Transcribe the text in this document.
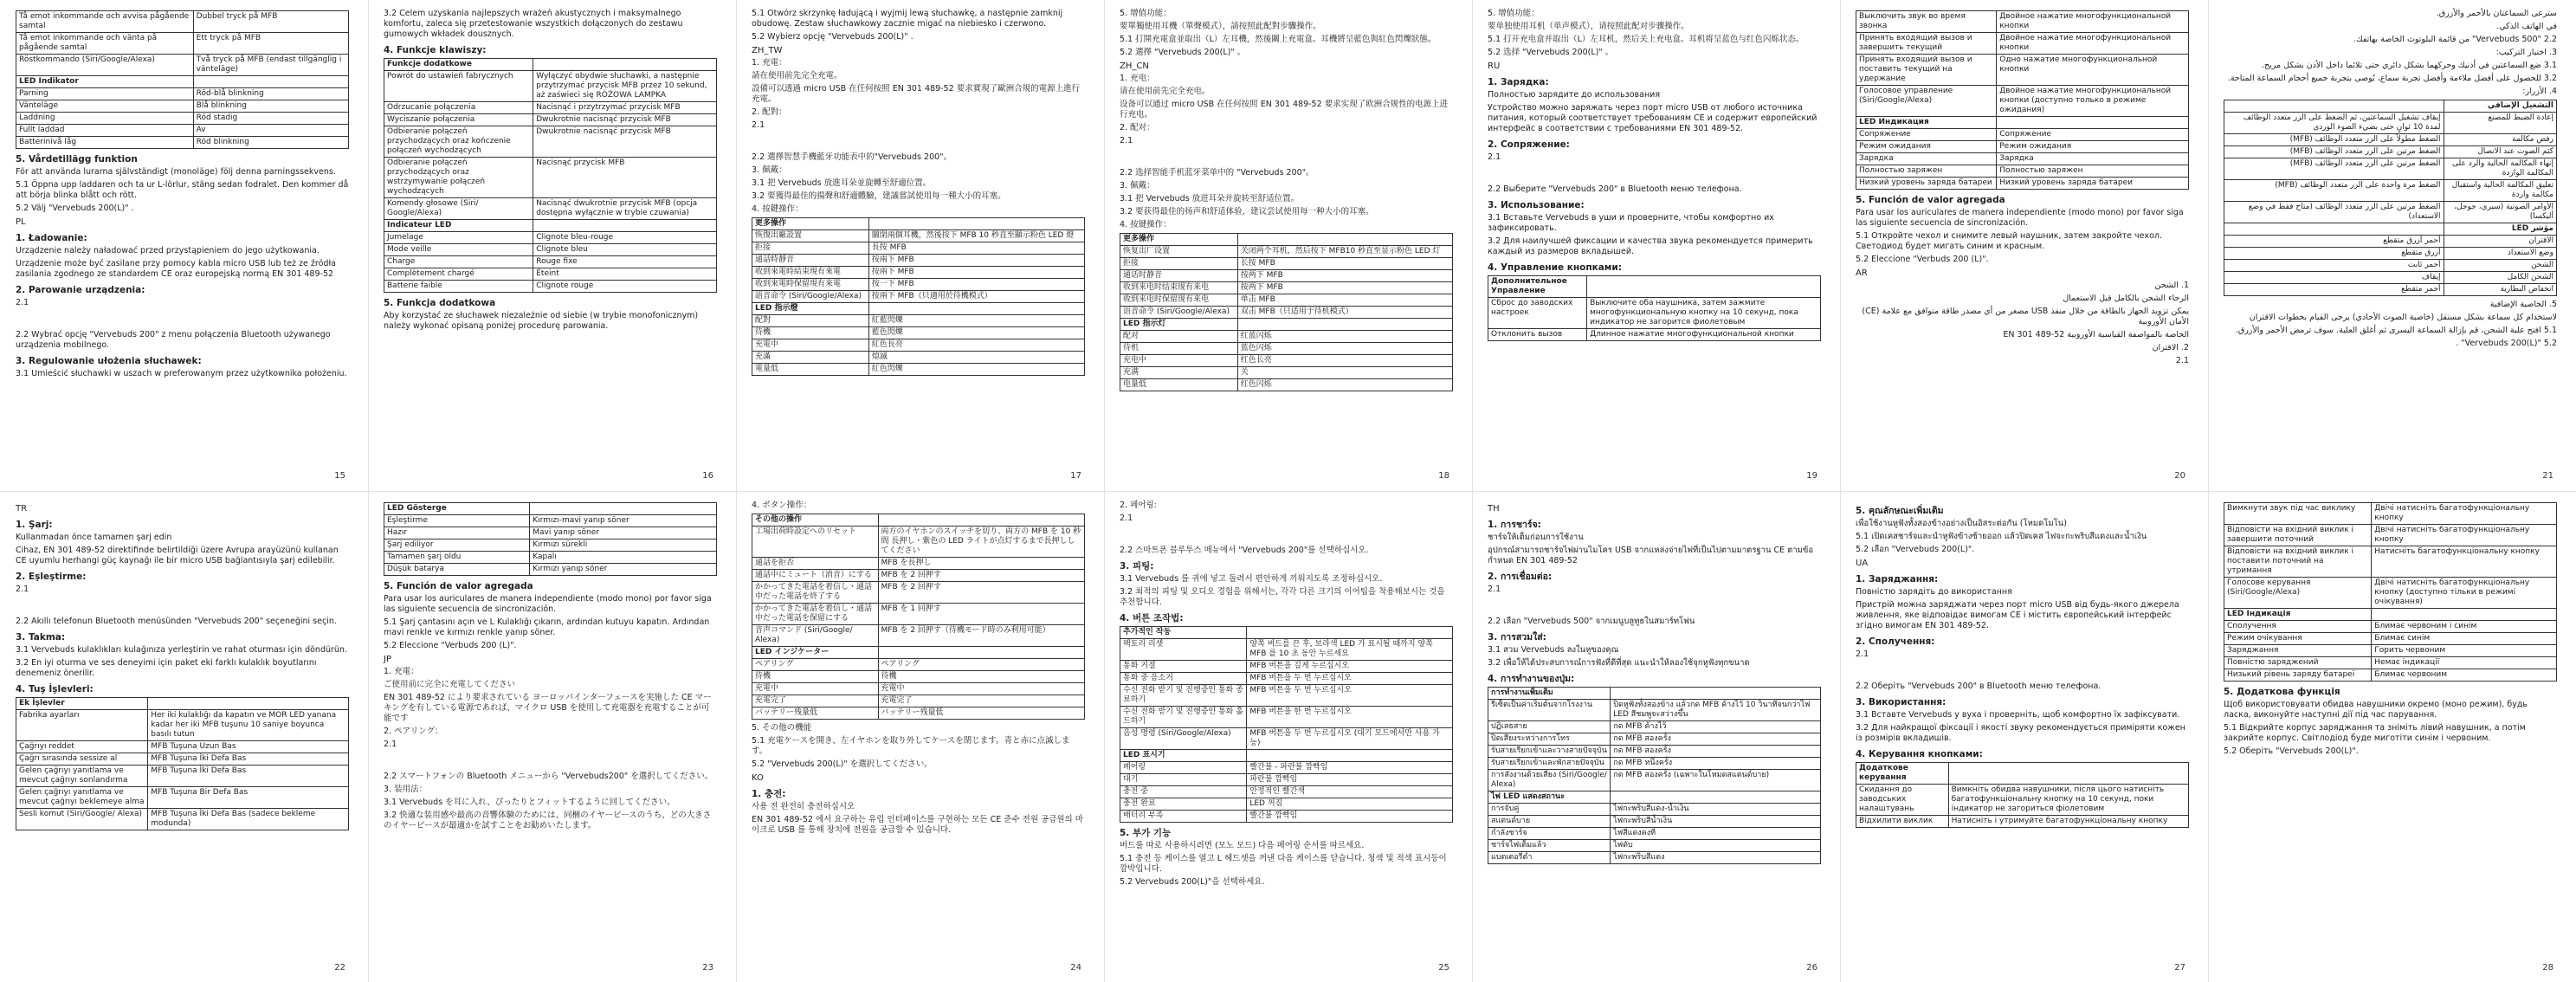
Tå emot inkommande och avvisa pågående samtal	Dubbel tryck på MFB
Tå emot inkommande och vänta på pågående samtal	Ett tryck på MFB
Röstkommando (Siri/Google/Alexa)	Två tryck på MFB (endast tillgänglig i vänteläge)
LED Indikator	
Parning	Röd-blå blinkning
Vänteläge	Blå blinkning
Laddning	Röd stadig
Fullt laddad	Av
Batterinivå låg	Röd blinkning
5. Vårdetillägg funktion

För att använda lurarna självständigt (monoläge) följ denna parningssekvens.

5.1 Öppna upp laddaren och ta ur L-lörlur, stäng sedan fodralet. Den kommer då att börja blinka blått och rött.

5.2 Välj "Vervebuds 200(L)" .

PL

1. Ładowanie:

Urządzenie należy naładować przed przystąpieniem do jego użytkowania.

Urządzenie może być zasilane przy pomocy kabla micro USB lub też ze źródła zasilania zgodnego ze standardem CE oraz europejską normą EN 301 489-52

2. Parowanie urządzenia:

2.1

2.2 Wybrać opcję "Vervebuds 200" z menu połączenia Bluetooth używanego urządzenia mobilnego.

3. Regulowanie ułożenia słuchawek:

3.1 Umieścić słuchawki w uszach w preferowanym przez użytkownika położeniu.

15

3.2 Celem uzyskania najlepszych wrażeń akustycznych i maksymalnego komfortu, zaleca się przetestowanie wszystkich dołączonych do zestawu gumowych wkładek dousznych.

4. Funkcje klawiszy:
Funkcje dodatkowe	
Powrót do ustawień fabrycznych	Wyłączyć obydwie słuchawki, a następnie przytrzymać przycisk MFB przez 10 sekund, aż zaświeci się RÓŻOWA LAMPKA
Odrzucanie połączenia	Nacisnąć i przytrzymać przycisk MFB
Wyciszanie połączenia	Dwukrotnie nacisnąć przycisk MFB
Odbieranie połączeń przychodzących oraz kończenie połączeń wychodzących	Dwukrotnie nacisnąć przycisk MFB
Odbieranie połączeń przychodzących oraz wstrzymywanie połączeń wychodzących	Nacisnąć przycisk MFB
Komendy głosowe (Siri/ Google/Alexa)	Nacisnąć dwukrotnie przycisk MFB (opcja dostępna wyłącznie w trybie czuwania)
Indicateur LED	
Jumelage	Clignote bleu-rouge
Mode veille	Clignote bleu
Charge	Rouge fixe
Complètement chargé	Éteint
Batterie faible	Clignote rouge
5. Funkcja dodatkowa

Aby korzystać ze słuchawek niezależnie od siebie (w trybie monofonicznym) należy wykonać opisaną poniżej procedurę parowania.

16

5.1 Otwórz skrzynkę ładującą i wyjmij lewą słuchawkę, a następnie zamknij obudowę. Zestaw słuchawkowy zacznie migać na niebiesko i czerwono.

5.2 Wybierz opcję "Vervebuds 200(L)" .

ZH_TW

1. 充電：

請在使用前先完全充電。

設備可以透過 micro USB 在任何按照 EN 301 489-52 要求實現了歐洲合規的電源上進行充電。

2. 配對：

2.1

2.2 選擇智慧手機藍牙功能表中的"Vervebuds 200"。

3. 佩戴：

3.1 把 Vervebuds 放進耳朵並旋轉至舒適位置。

3.2 要獲得最佳的揚聲和舒適體驗，建議嘗試使用每一種大小的耳塞。

4. 按鍵操作：

更多操作	
恢復出廠設置	關閉兩個耳機，然後按下 MFB 10 秒直至顯示粉色 LED 燈
拒接	長按 MFB
通話時靜音	按兩下 MFB
收到來電時結束現有來電	按兩下 MFB
收到來電時保留現有來電	按一下 MFB
語音命令 (Siri/Google/Alexa)	按兩下 MFB（只適用於待機模式）
LED 指示燈	
配對	紅藍閃爍
待機	藍色閃爍
充電中	紅色長亮
充滿	熄滅
電量低	紅色閃爍
17

5. 增值功能：

要單獨使用耳機（單聲模式），請按照此配對步驟操作。

5.1 打開充電盒並取出（L）左耳機，然後關上充電盒。耳機將呈藍色與紅色閃爍狀態。

5.2 選擇 "Vervebuds 200(L)" 。

ZH_CN

1. 充电：

请在使用前先完全充电。

设备可以通过 micro USB 在任何按照 EN 301 489-52 要求实现了欧洲合规性的电源上进行充电。

2. 配对：

2.1

2.2 选择智能手机蓝牙菜单中的 "Vervebuds 200"。

3. 佩戴：

3.1 把 Vervebuds 放进耳朵并旋转至舒适位置。

3.2 要获得最佳的扬声和舒适体验，建议尝试使用每一种大小的耳塞。

4. 按键操作：

更多操作	
恢复出厂设置	关闭两个耳机，然后按下 MFB10 秒直至显示粉色 LED 灯
拒接	长按 MFB
通话时静音	按两下 MFB
收到来电时结束现有来电	按两下 MFB
收到来电时保留现有来电	单击 MFB
语音命令 (Siri/Google/Alexa)	双击 MFB（只适用于待机模式）
LED 指示灯	
配对	红蓝闪烁
待机	蓝色闪烁
充电中	红色长亮
充满	关
电量低	红色闪烁
18

5. 增值功能：

要单独使用耳机（单声模式），请按照此配对步骤操作。

5.1 打开充电盒并取出（L）左耳机，然后关上充电盒。耳机将呈蓝色与红色闪烁状态。

5.2 选择 "Vervebuds 200(L)" 。

RU

1. Зарядка:

Полностью зарядите до использования

Устройство можно заряжать через порт micro USB от любого источника питания, который соответствует требованиям CE и содержит европейский интерфейс в соответствии с требованиями EN 301 489-52.

2. Сопряжение:

2.1

2.2 Выберите "Vervebuds 200" в Bluetooth меню телефона.

3. Использование:

3.1 Вставьте Vervebuds в уши и проверните, чтобы комфортно их зафиксировать.

3.2 Для наилучшей фиксации и качества звука рекомендуется примерить каждый из размеров вкладышей.

4. Управление кнопками:
Дополнительное Управление	
Сброс до заводских настроек	Выключите оба наушника, затем зажмите многофункциональную кнопку на 10 секунд, пока индикатор не загорится фиолетовым
Отклонить вызов	Длинное нажатие многофункциональной кнопки
19
Выключить звук во время звонка	Двойное нажатие многофункциональной кнопки
Принять входящий вызов и завершить текущий	Двойное нажатие многофункциональной кнопки
Принять входящий вызов и поставить текущий на удержание	Одно нажатие многофункциональной кнопки
Голосовое управление (Siri/Google/Alexa)	Двойное нажатие многофункциональной кнопки (доступно только в режиме ожидания)
LED Индикация	
Сопряжение	Сопряжение
Режим ожидания	Режим ожидания
Зарядка	Зарядка
Полностью заряжен	Полностью заряжен
Низкий уровень заряда батареи	Низкий уровень заряда батареи
5. Función de valor agregada

Para usar los auriculares de manera independiente (modo mono) por favor siga las siguiente secuencia de sincronización.

5.1 Откройте чехол и снимите левый наушник, затем закройте чехол. Светодиод будет мигать синим и красным.

5.2 Eleccione "Verbuds 200 (L)".

AR

1. الشحن

الرجاء الشحن بالكامل قبل الاستعمال

يمكن تزويد الجهاز بالطاقة من خلال منفذ USB مصغر من أي مصدر طاقة متوافق مع علامة (CE) الأمان الأوروبية

الخاصة بالمواصفة القياسية الأوروبية EN 301 489-52

2. الاقتران

2.1

20

سترعى السماعتان بالأحمر والأزرق.

في الهاتف الذكي.

2.2 "Vervebuds 500" من قائمة البلوتوث الخاصة بهاتفك.

3. اختيار التركيب:

3.1 ضع السماعتين في أذنيك وحركهما بشكل دائري حتى تلائما داخل الأذن بشكل مريح.

3.2 للحصول على أفضل ملاءمة وأفضل تجربة سماع، يُوصى بتجربة جميع أحجام السماعة المتاحة.

4. الأزرار:

التشغيل الإضافي	
إعادة الضبط للمصنع	إيقاف تشغيل السماعتين، ثم الضغط على الزر متعدد الوظائف لمدة 10 ثوانٍ حتى يضيء الضوء الوردي
رفض مكالمة	الضغط مطولاً على الزر متعدد الوظائف (MFB)
كتم الصوت عند الاتصال	الضغط مرتين على الزر متعدد الوظائف (MFB)
إنهاء المكالمة الحالية والرد على المكالمة الواردة	الضغط مرتين على الزر متعدد الوظائف (MFB)
تعليق المكالمة الحالية واستقبال مكالمة واردة	الضغط مرة واحدة على الزر متعدد الوظائف (MFB)
الأوامر الصوتية (سيري، جوجل، أليكسا)	الضغط مرتين على الزر متعدد الوظائف (متاح فقط في وضع الاستعداد)
مؤشر LED	
الاقتران	أحمر أزرق متقطع
وضع الاستعداد	أزرق متقطع
الشحن	أحمر ثابت
الشحن الكامل	إيقاف
انخفاض البطارية	أحمر متقطع

5. الخاصية الإضافية

لاستخدام كل سماعة بشكل مستقل (خاصية الصوت الأحادي) يرجى القيام بخطوات الاقتران

5.1 افتح علبة الشحن، قم بإزالة السماعة اليسرى ثم أغلق العلبة. سوف ترمض الأحمر والأزرق.

5.2 "Vervebuds 200(L)" .

21

TR

1. Şarj:

Kullanmadan önce tamamen şarj edin

Cihaz, EN 301 489-52 direktifinde belirtildiği üzere Avrupa arayüzünü kullanan CE uyumlu herhangi güç kaynağı ile bir micro USB bağlantısıyla şarj edilebilir.

2. Eşleştirme:

2.1

2.2 Akıllı telefonun Bluetooth menüsünden "Vervebuds 200" seçeneğini seçin.

3. Takma:

3.1 Vervebuds kulaklıkları kulağınıza yerleştirin ve rahat oturması için döndürün.

3.2 En iyi oturma ve ses deneyimi için paket eki farklı kulaklık boyutlarını denemeniz önerilir.

4. Tuş İşlevleri:
Ek İşlevler	
Fabrika ayarları	Her iki kulaklığı da kapatın ve MOR LED yanana kadar her iki MFB tuşunu 10 saniye boyunca basılı tutun
Çağrıyı reddet	MFB Tuşuna Uzun Bas
Çağrı sırasında sessize al	MFB Tuşuna İki Defa Bas
Gelen çağrıyı yanıtlama ve mevcut çağrıyı sonlandırma	MFB Tuşuna İki Defa Bas
Gelen çağrıyı yanıtlama ve mevcut çağrıyı beklemeye alma	MFB Tuşuna Bir Defa Bas
Sesli komut (Siri/Google/ Alexa)	MFB Tuşuna İki Defa Bas (sadece bekleme modunda)
22
LED Gösterge	
Eşleştirme	Kırmızı-mavi yanıp söner
Hazır	Mavi yanıp söner
Şarj ediliyor	Kırmızı sürekli
Tamamen şarj oldu	Kapalı
Düşük batarya	Kırmızı yanıp söner
5. Función de valor agregada

Para usar los auriculares de manera independiente (modo mono) por favor siga las siguiente secuencia de sincronización.

5.1 Şarj çantasını açın ve L Kulaklığı çıkarın, ardından kutuyu kapatın. Ardından mavi renkle ve kırmızı renkle yanıp söner.

5.2 Eleccione "Verbuds 200 (L)".

JP

1. 充電：

ご使用前に完全に充電してください

EN 301 489-52 により要求されている ヨーロッパインターフェースを実施した CE マーキングを有している電源であれば、マイクロ USB を使用して充電器を充電することが可能です

2. ペアリング：

2.1

2.2 スマートフォンの Bluetooth メニューから "Vervebuds200" を選択してください。

3. 装用法：

3.1 Vervebuds を耳に入れ、ぴったりとフィットするように回してください。

3.2 快適な装用感や最高の音響体験のためには、同梱のイヤーピースのうち、どの大きさのイヤーピースが最適かを試すことをお勧めいたします。

23

4. ボタン操作：

その他の操作	
工場出荷時設定へのリセット	両方のイヤホンのスイッチを切り、両方の MFB を 10 秒間 長押し・紫色の LED ライトが点灯するまで長押ししてください
通話を拒否	MFB を長押し
通話中にミュート（消音）にする	MFB を 2 回押す
かかってきた電話を着信し・通話中だった電話を終了する	MFB を 2 回押す
かかってきた電話を着信し・通話中だった電話を保留にする	MFB を 1 回押す
音声コマンド (Siri/Google/ Alexa)	MFB を 2 回押す（待機モード時のみ利用可能）
LED インジケーター	
ペアリング	ペアリング
待機	待機
充電中	充電中
充電完了	充電完了
バッテリー残量低	バッテリー残量低

5. その他の機能

5.1 充電ケースを開き、左イヤホンを取り外してケースを閉じます。青と赤に点滅します。

5.2 "Vervebuds 200(L)" を選択してください。

KO

1. 충전:

사용 전 완전히 충전하십시오

EN 301 489-52 에서 요구하는 유럽 인터페이스를 구현하는 모든 CE 준수 전원 공급원의 마이크로 USB 를 통해 장치에 전원을 공급할 수 있습니다.

24

2. 페어링:

2.1

2.2 스마트폰 블루투스 메뉴에서 "Vervebuds 200"를 선택하십시오.

3. 피팅:

3.1 Vervebuds 를 귀에 넣고 돌려서 편안하게 끼워지도록 조정하십시오.

3.2 최적의 피팅 및 오디오 경험을 위해서는, 각각 다른 크기의 이어팁을 착용해보시는 것을 추천합니다.

4. 버튼 조작법:
추가적인 작동	
팩토리 리셋	양쪽 버드를 끈 후, 보라색 LED 가 표시될 때까지 양쪽 MFB 를 10 초 동안 누르세요
통화 거절	MFB 버튼을 길게 누르십시오
통화 중 음소거	MFB 버튼을 두 번 누르십시오
수신 전화 받기 및 진행중인 통화 종료하기	MFB 버튼을 두 번 누르십시오
수신 전화 받기 및 진행중인 통화 홀드하기	MFB 버튼을 한 번 누르십시오
음성 명령 (Siri/Google/Alexa)	MFB 버튼을 두 번 누르십시오 (대기 모드에서만 사용 가능)
LED 표시기	
페어링	빨간불 - 파란불 깜빡임
대기	파란불 깜빡임
충전 중	안정적인 빨간색
충전 완료	LED 꺼짐
배터리 부족	빨간불 깜빡임
5. 부가 기능

버드를 따로 사용하시려면 (모노 모드) 다음 페어링 순서를 따르세요.

5.1 충전 등 케이스를 열고 L 헤드셋을 꺼낸 다음 케이스를 닫습니다. 청색 및 적색 표시등이 깜박입니다.

5.2 Vervebuds 200(L)"을 선택하세요.

25

TH

1. การชาร์จ:

ชาร์จให้เต็มก่อนการใช้งาน

อุปกรณ์สามารถชาร์จไฟผ่านไมโคร USB จากแหล่งจ่ายไฟที่เป็นไปตามมาตรฐาน CE ตามข้อกำหนด EN 301 489-52

2. การเชื่อมต่อ:

2.1

2.2 เลือก "Vervebuds 500" จากเมนูบลูทูธในสมาร์ทโฟน

3. การสวมใส่:

3.1 สวม Vervebuds ลงในหูของคุณ

3.2 เพื่อให้ได้ประสบการณ์การฟังที่ดีที่สุด แนะนำให้ลองใช้จุกหูฟังทุกขนาด

4. การทำงานของปุ่ม:
การทำงานเพิ่มเติม	
รีเซ็ตเป็นค่าเริ่มต้นจากโรงงาน	ปิดหูฟังทั้งสองข้าง แล้วกด MFB ค้างไว้ 10 วินาทีจนกว่าไฟ LED สีชมพูจะสว่างขึ้น
ปฏิเสธสาย	กด MFB ค้างไว้
ปิดเสียงระหว่างการโทร	กด MFB สองครั้ง
รับสายเรียกเข้าและวางสายปัจจุบัน	กด MFB สองครั้ง
รับสายเรียกเข้าและพักสายปัจจุบัน	กด MFB หนึ่งครั้ง
การสั่งงานด้วยเสียง (Siri/Google/ Alexa)	กด MFB สองครั้ง (เฉพาะในโหมดสแตนด์บาย)
ไฟ LED แสดงสถานะ	
การจับคู่	ไฟกะพริบสีแดง-น้ำเงิน
สแตนด์บาย	ไฟกะพริบสีน้ำเงิน
กำลังชาร์จ	ไฟสีแดงคงที่
ชาร์จไฟเต็มแล้ว	ไฟดับ
แบตเตอรี่ต่ำ	ไฟกะพริบสีแดง
26
5. คุณลักษณะเพิ่มเติม

เพื่อใช้งานหูฟังทั้งสองข้างอย่างเป็นอิสระต่อกัน (โหมดโมโน)

5.1 เปิดเคสชาร์จและนำหูฟังข้างซ้ายออก แล้วปิดเคส ไฟจะกะพริบสีแดงและน้ำเงิน

5.2 เลือก "Vervebuds 200(L)".

UA

1. Заряджання:

Повністю зарядіть до використання

Пристрій можна заряджати через порт micro USB від будь-якого джерела живлення, яке відповідає вимогам CE і містить європейський інтерфейс згідно вимогам EN 301 489-52.

2. Сполучення:

2.1

2.2 Оберіть "Vervebuds 200" в Bluetooth меню телефона.

3. Використання:

3.1 Вставте Vervebuds у вуха і проверніть, щоб комфортно їх зафіксувати.

3.2 Для найкращої фіксації і якості звуку рекомендується приміряти кожен із розмірів вкладишів.

4. Керування кнопками:
Додаткове керування	
Скидання до заводських налаштувань	Вимкніть обидва навушники, після цього натисніть багатофункціональну кнопку на 10 секунд, поки індикатор не загориться фіолетовим
Відхилити виклик	Натисніть і утримуйте багатофункціональну кнопку
27
Вимкнути звук під час виклику	Двічі натисніть багатофункціональну кнопку
Відповісти на вхідний виклик і завершити поточний	Двічі натисніть багатофункціональну кнопку
Відповісти на вхідний виклик і поставити поточний на утримання	Натисніть багатофункціональну кнопку
Голосове керування (Siri/Google/Alexa)	Двічі натисніть багатофункціональну кнопку (доступно тільки в режимі очікування)
LED Індикація	
Сполучення	Блимає червоним і синім
Режим очікування	Блимає синім
Заряджання	Горить червоним
Повністю заряджений	Немає індикації
Низький рівень заряду батареї	Блимає червоним
5. Додаткова функція

Щоб використовувати обидва навушники окремо (моно режим), будь ласка, виконуйте наступні дії під час парування.

5.1 Відкрийте корпус заряджання та зніміть лівий навушник, а потім закрийте корпус. Світлодіод буде миготіти синім і червоним.

5.2 Оберіть "Vervebuds 200(L)".

28
